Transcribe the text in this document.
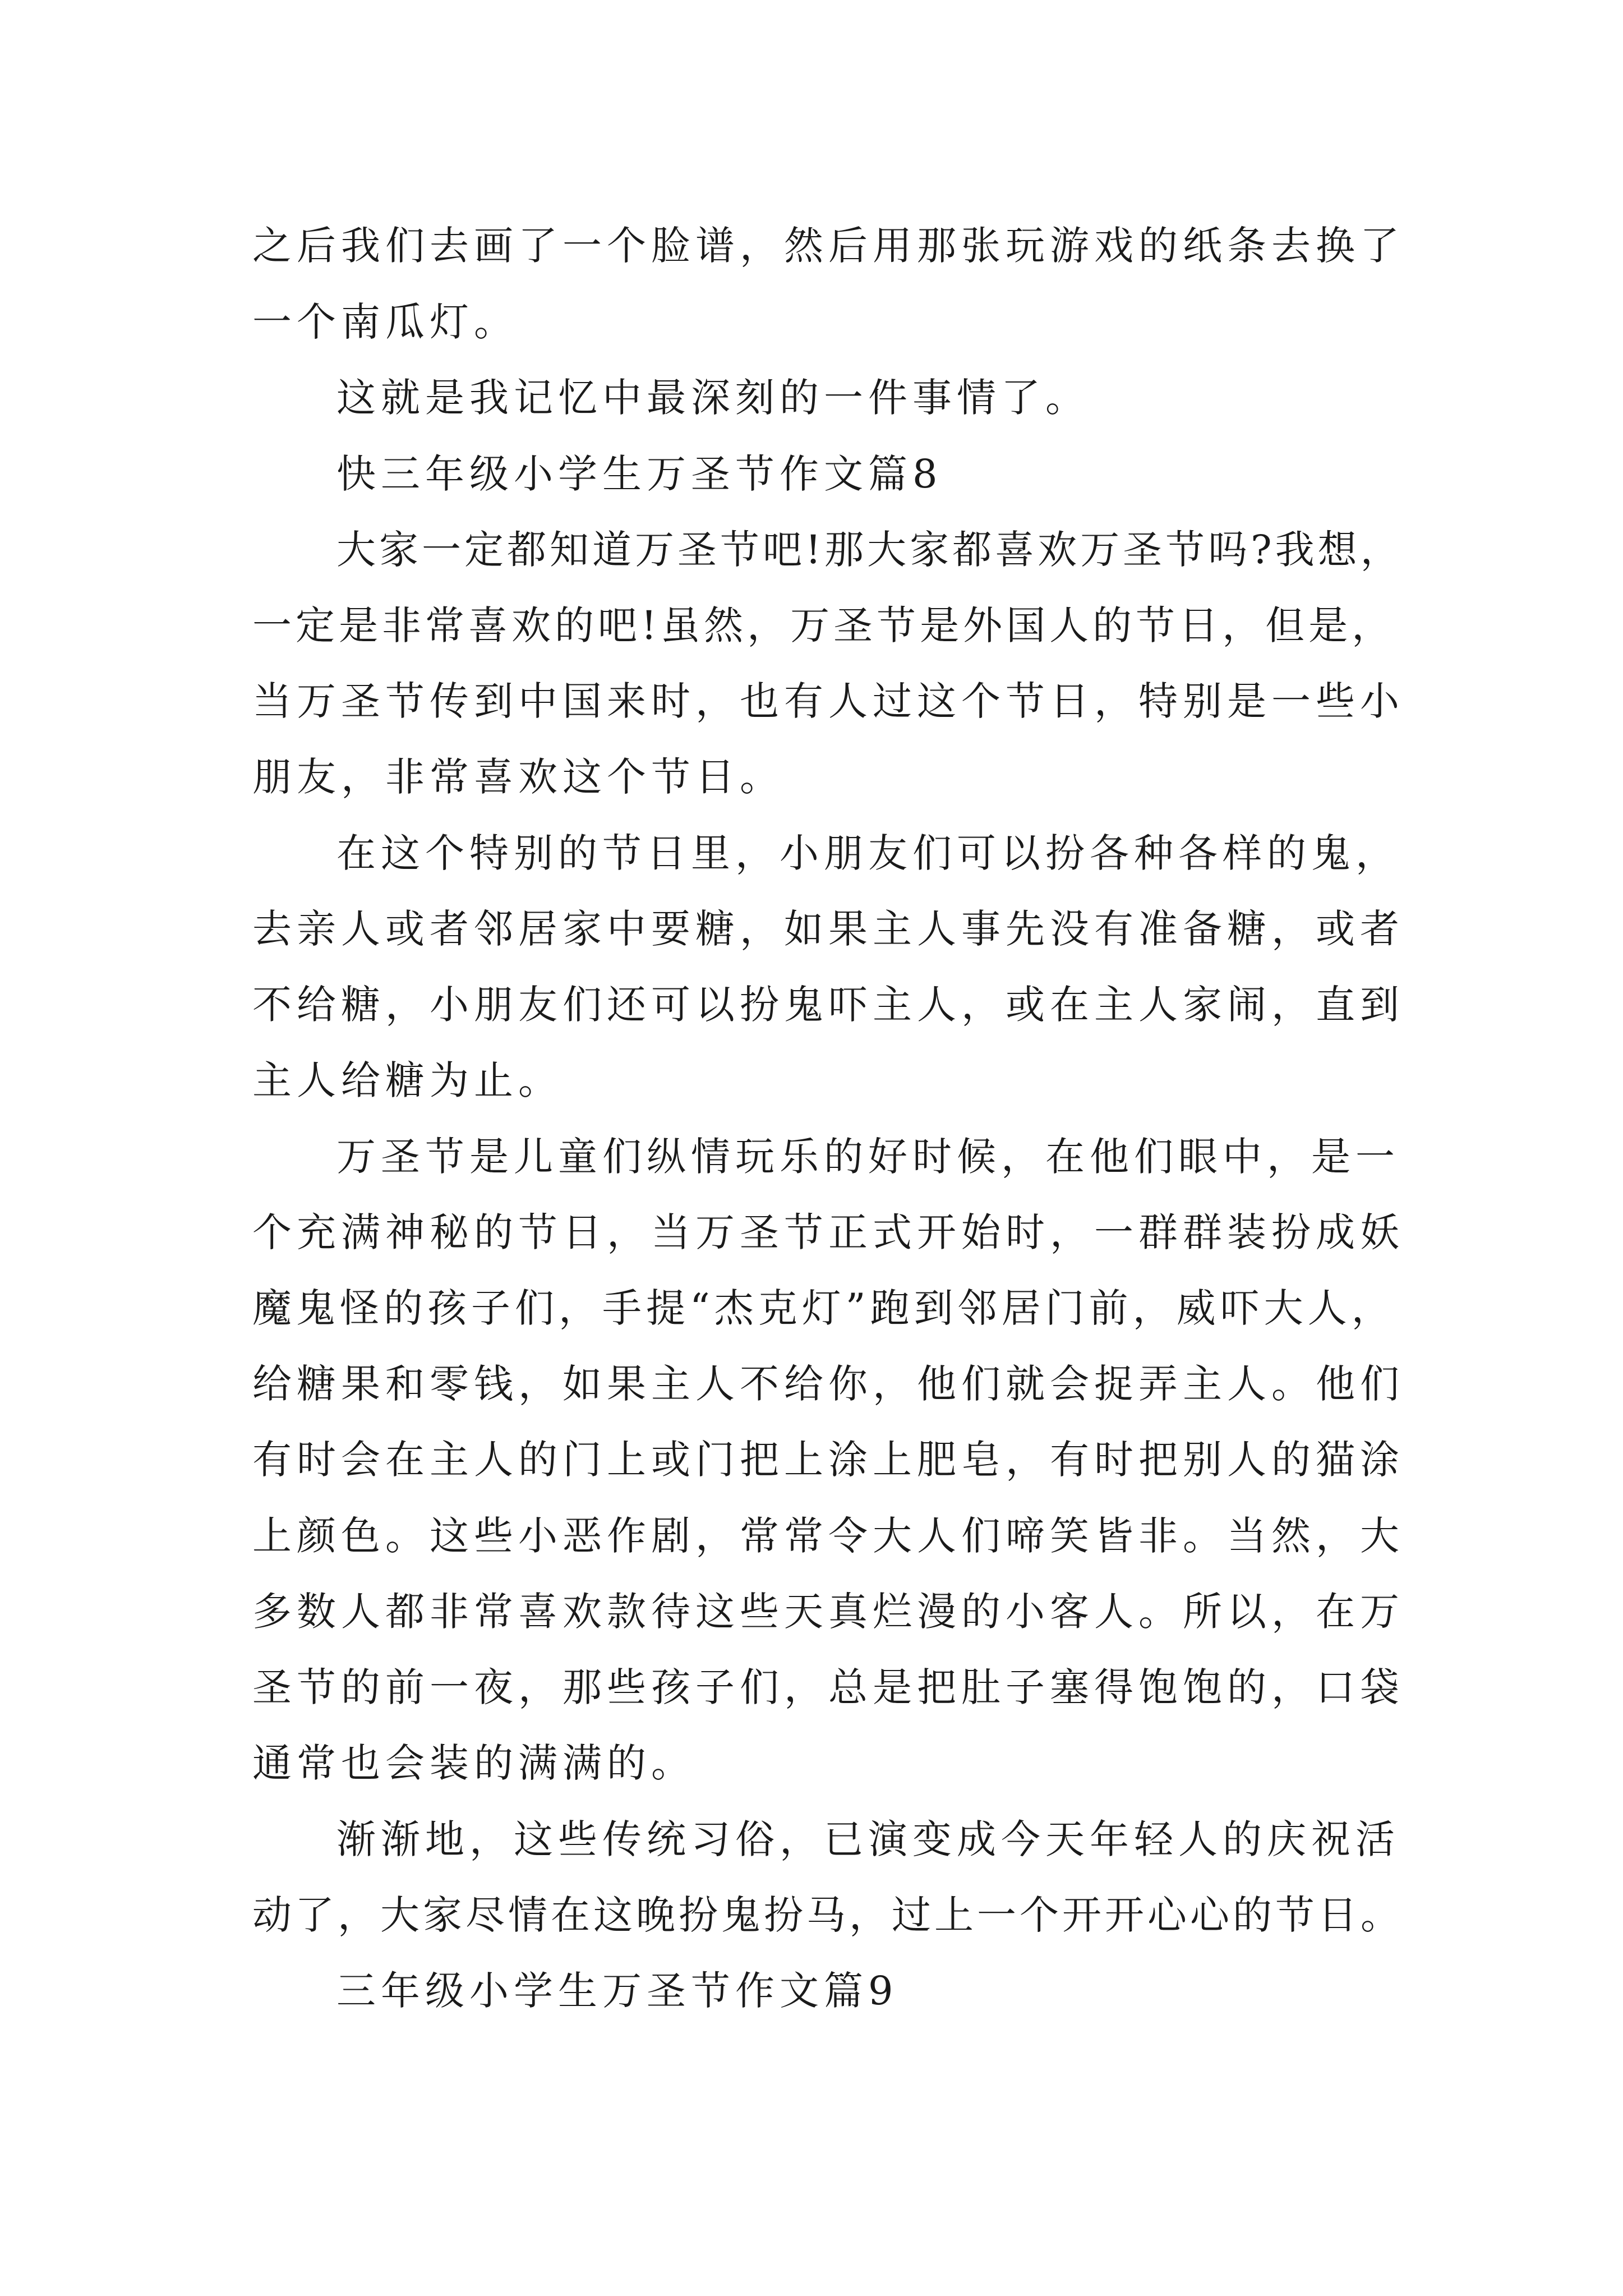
之后我们去画了一个脸谱，然后用那张玩游戏的纸条去换了

一个南瓜灯。

这就是我记忆中最深刻的一件事情了。

快三年级小学生万圣节作文篇8

大家一定都知道万圣节吧!那大家都喜欢万圣节吗?我想，

一定是非常喜欢的吧!虽然，万圣节是外国人的节日，但是，

当万圣节传到中国来时，也有人过这个节日，特别是一些小

朋友，非常喜欢这个节日。

在这个特别的节日里，小朋友们可以扮各种各样的鬼，

去亲人或者邻居家中要糖，如果主人事先没有准备糖，或者

不给糖，小朋友们还可以扮鬼吓主人，或在主人家闹，直到

主人给糖为止。

万圣节是儿童们纵情玩乐的好时候，在他们眼中，是一

个充满神秘的节日，当万圣节正式开始时，一群群装扮成妖

魔鬼怪的孩子们，手提“杰克灯”跑到邻居门前，威吓大人，

给糖果和零钱，如果主人不给你，他们就会捉弄主人。他们

有时会在主人的门上或门把上涂上肥皂，有时把别人的猫涂

上颜色。这些小恶作剧，常常令大人们啼笑皆非。当然，大

多数人都非常喜欢款待这些天真烂漫的小客人。所以，在万

圣节的前一夜，那些孩子们，总是把肚子塞得饱饱的，口袋

通常也会装的满满的。

渐渐地，这些传统习俗，已演变成今天年轻人的庆祝活

动了，大家尽情在这晚扮鬼扮马，过上一个开开心心的节日。

三年级小学生万圣节作文篇9
